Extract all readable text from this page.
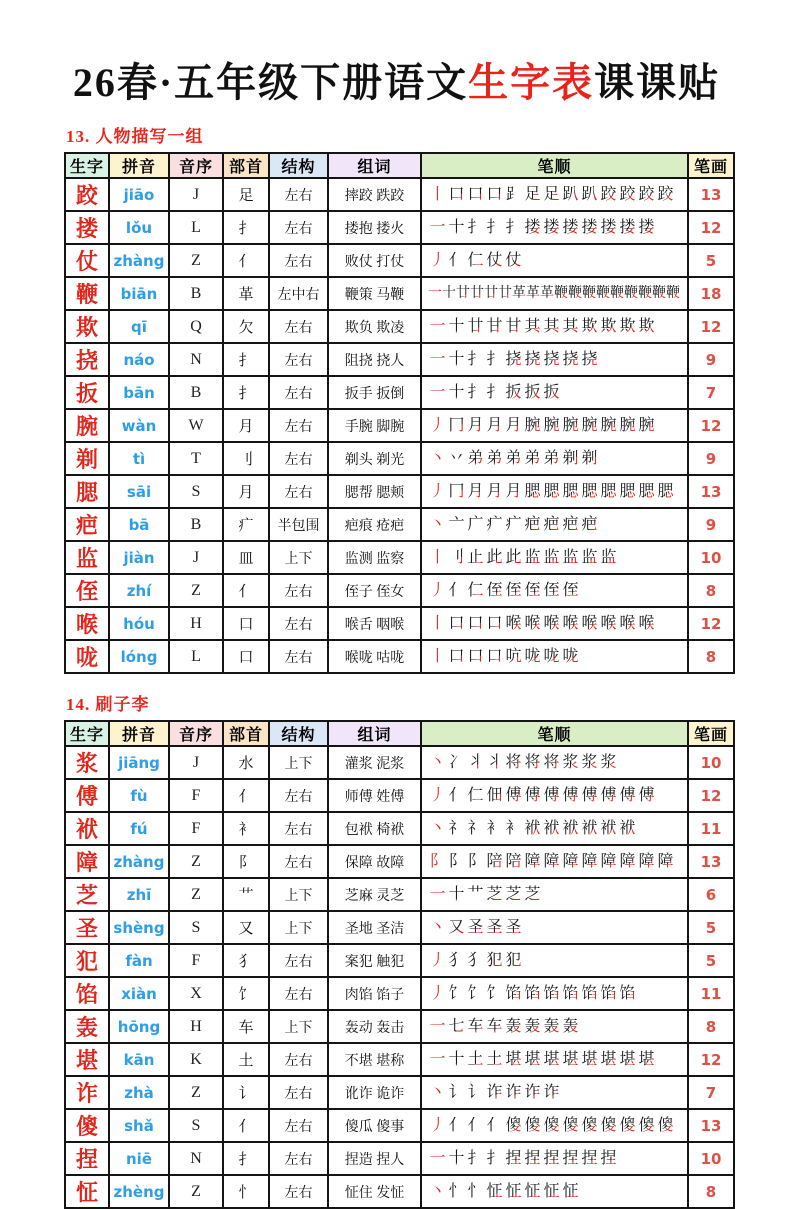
26春·五年级下册语文生字表课课贴
13. 人物描写一组
生字	拼音	音序	部首	结构	组词	笔顺	笔画
跤	jiāo	J	足	左右	摔跤 跌跤	丨 口 口 口 ⻊ 足 足 趴 趴 跤 跤 跤 跤	13
搂	lǒu	L	扌	左右	搂抱 搂火	一 十 扌 扌 扌 搂 搂 搂 搂 搂 搂 搂	12
仗	zhàng	Z	亻	左右	败仗 打仗	丿 亻 仁 仗 仗	5
鞭	biān	B	革	左中右	鞭策 马鞭	一 十 廿 廿 廿 廿 革 革 革 鞭 鞭 鞭 鞭 鞭 鞭 鞭 鞭 鞭	18
欺	qī	Q	欠	左右	欺负 欺凌	一 十 廿 甘 甘 其 其 其 欺 欺 欺 欺	12
挠	náo	N	扌	左右	阻挠 挠人	一 十 扌 扌 挠 挠 挠 挠 挠	9
扳	bān	B	扌	左右	扳手 扳倒	一 十 扌 扌 扳 扳 扳	7
腕	wàn	W	月	左右	手腕 脚腕	丿 冂 月 月 月 腕 腕 腕 腕 腕 腕 腕	12
剃	tì	T	刂	左右	剃头 剃光	丶 丷 弟 弟 弟 弟 弟 剃 剃	9
腮	sāi	S	月	左右	腮帮 腮颊	丿 冂 月 月 月 腮 腮 腮 腮 腮 腮 腮 腮	13
疤	bā	B	疒	半包围	疤痕 疮疤	丶 亠 广 疒 疒 疤 疤 疤 疤	9
监	jiàn	J	皿	上下	监测 监察	丨 刂 止 此 此 监 监 监 监 监	10
侄	zhí	Z	亻	左右	侄子 侄女	丿 亻 仁 侄 侄 侄 侄 侄	8
喉	hóu	H	口	左右	喉舌 咽喉	丨 口 口 口 喉 喉 喉 喉 喉 喉 喉 喉	12
咙	lóng	L	口	左右	喉咙 咕咙	丨 口 口 口 吭 咙 咙 咙	8
14. 刷子李
生字	拼音	音序	部首	结构	组词	笔顺	笔画
浆	jiāng	J	水	上下	灌浆 泥浆	丶 冫 丬 丬 将 将 将 浆 浆 浆	10
傅	fù	F	亻	左右	师傅 姓傅	丿 亻 仁 佃 傅 傅 傅 傅 傅 傅 傅 傅	12
袱	fú	F	衤	左右	包袱 椅袱	丶 礻 礻 衤 衤 袱 袱 袱 袱 袱 袱	11
障	zhàng	Z	阝	左右	保障 故障	阝 阝 阝 陪 陪 障 障 障 障 障 障 障 障	13
芝	zhī	Z	艹	上下	芝麻 灵芝	一 十 艹 芝 芝 芝	6
圣	shèng	S	又	上下	圣地 圣洁	丶 又 圣 圣 圣	5
犯	fàn	F	犭	左右	案犯 触犯	丿 犭 犭 犯 犯	5
馅	xiàn	X	饣	左右	肉馅 馅子	丿 饣 饣 饣 馅 馅 馅 馅 馅 馅 馅	11
轰	hōng	H	车	上下	轰动 轰击	一 七 车 车 轰 轰 轰 轰	8
堪	kān	K	土	左右	不堪 堪称	一 十 土 土 堪 堪 堪 堪 堪 堪 堪 堪	12
诈	zhà	Z	讠	左右	讹诈 诡诈	丶 讠 讠 诈 诈 诈 诈	7
傻	shǎ	S	亻	左右	傻瓜 傻事	丿 亻 亻 亻 傻 傻 傻 傻 傻 傻 傻 傻 傻	13
捏	niē	N	扌	左右	捏造 捏人	一 十 扌 扌 捏 捏 捏 捏 捏 捏	10
怔	zhèng	Z	忄	左右	怔住 发怔	丶 忄 忄 怔 怔 怔 怔 怔	8
